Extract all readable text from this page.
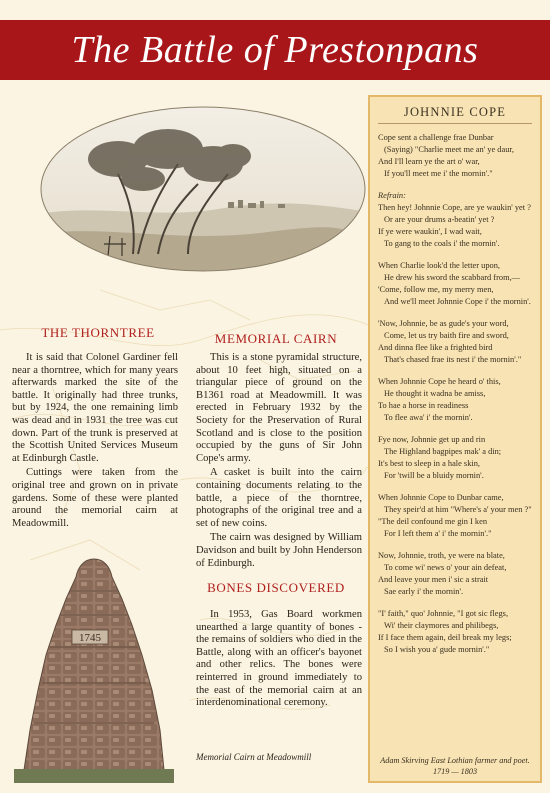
The Battle of Prestonpans
THE THORNTREE

It is said that Colonel Gardiner fell near a thorntree, which for many years afterwards marked the site of the battle. It originally had three trunks, but by 1924, the one remaining limb was dead and in 1931 the tree was cut down. Part of the trunk is preserved at the Scottish United Services Museum at Edinburgh Castle.

Cuttings were taken from the original tree and grown on in private gardens. Some of these were planted around the memorial cairn at Meadowmill.

MEMORIAL CAIRN

This is a stone pyramidal structure, about 10 feet high, situated on a triangular piece of ground on the B1361 road at Meadowmill. It was erected in February 1932 by the Society for the Preservation of Rural Scotland and is close to the position occupied by the guns of Sir John Cope's army.

A casket is built into the cairn containing documents relating to the battle, a piece of the thorntree, photographs of the original tree and a set of new coins.

The cairn was designed by William Davidson and built by John Henderson of Edinburgh.

BONES DISCOVERED

In 1953, Gas Board workmen unearthed a large quantity of bones - the remains of soldiers who died in the Battle, along with an officer's bayonet and other relics. The bones were reinterred in ground immediately to the east of the memorial cairn at an interdenominational ceremony.

1745
Memorial Cairn at Meadowmill
JOHNNIE COPE
Cope sent a challenge frae Dunbar
(Saying) "Charlie meet me an' ye daur,
And I'll learn ye the art o' war,
If you'll meet me i' the mornin'."
Refrain:
Then hey! Johnnie Cope, are ye waukin' yet ?
Or are your drums a-beatin' yet ?
If ye were waukin', I wad wait,
To gang to the coals i' the mornin'.
When Charlie look'd the letter upon,
He drew his sword the scabbard from,—
'Come, follow me, my merry men,
And we'll meet Johnnie Cope i' the mornin'.
'Now, Johnnie, be as gude's your word,
Come, let us try baith fire and sword,
And dinna flee like a frighted bird
That's chased frae its nest i' the mornin'."
When Johnnie Cope he heard o' this,
He thought it wadna be amiss,
To hae a horse in readiness
To flee awa' i' the mornin'.
Fye now, Johnnie get up and rin
The Highland bagpipes mak' a din;
It's best to sleep in a hale skin,
For 'twill be a bluidy mornin'.
When Johnnie Cope to Dunbar came,
They speir'd at him "Where's a' your men ?"
"The deil confound me gin I ken
For I left them a' i' the mornin'."
Now, Johnnie, troth, ye were na blate,
To come wi' news o' your ain defeat,
And leave your men i' sic a strait
Sae early i' the mornin'.
"I' faith," quo' Johnnie, "I got sic flegs,
Wi' their claymores and philibegs,
If I face them again, deil break my legs;
So I wish you a' gude mornin'."
Adam Skirving East Lothian farmer and poet.
1719 — 1803
